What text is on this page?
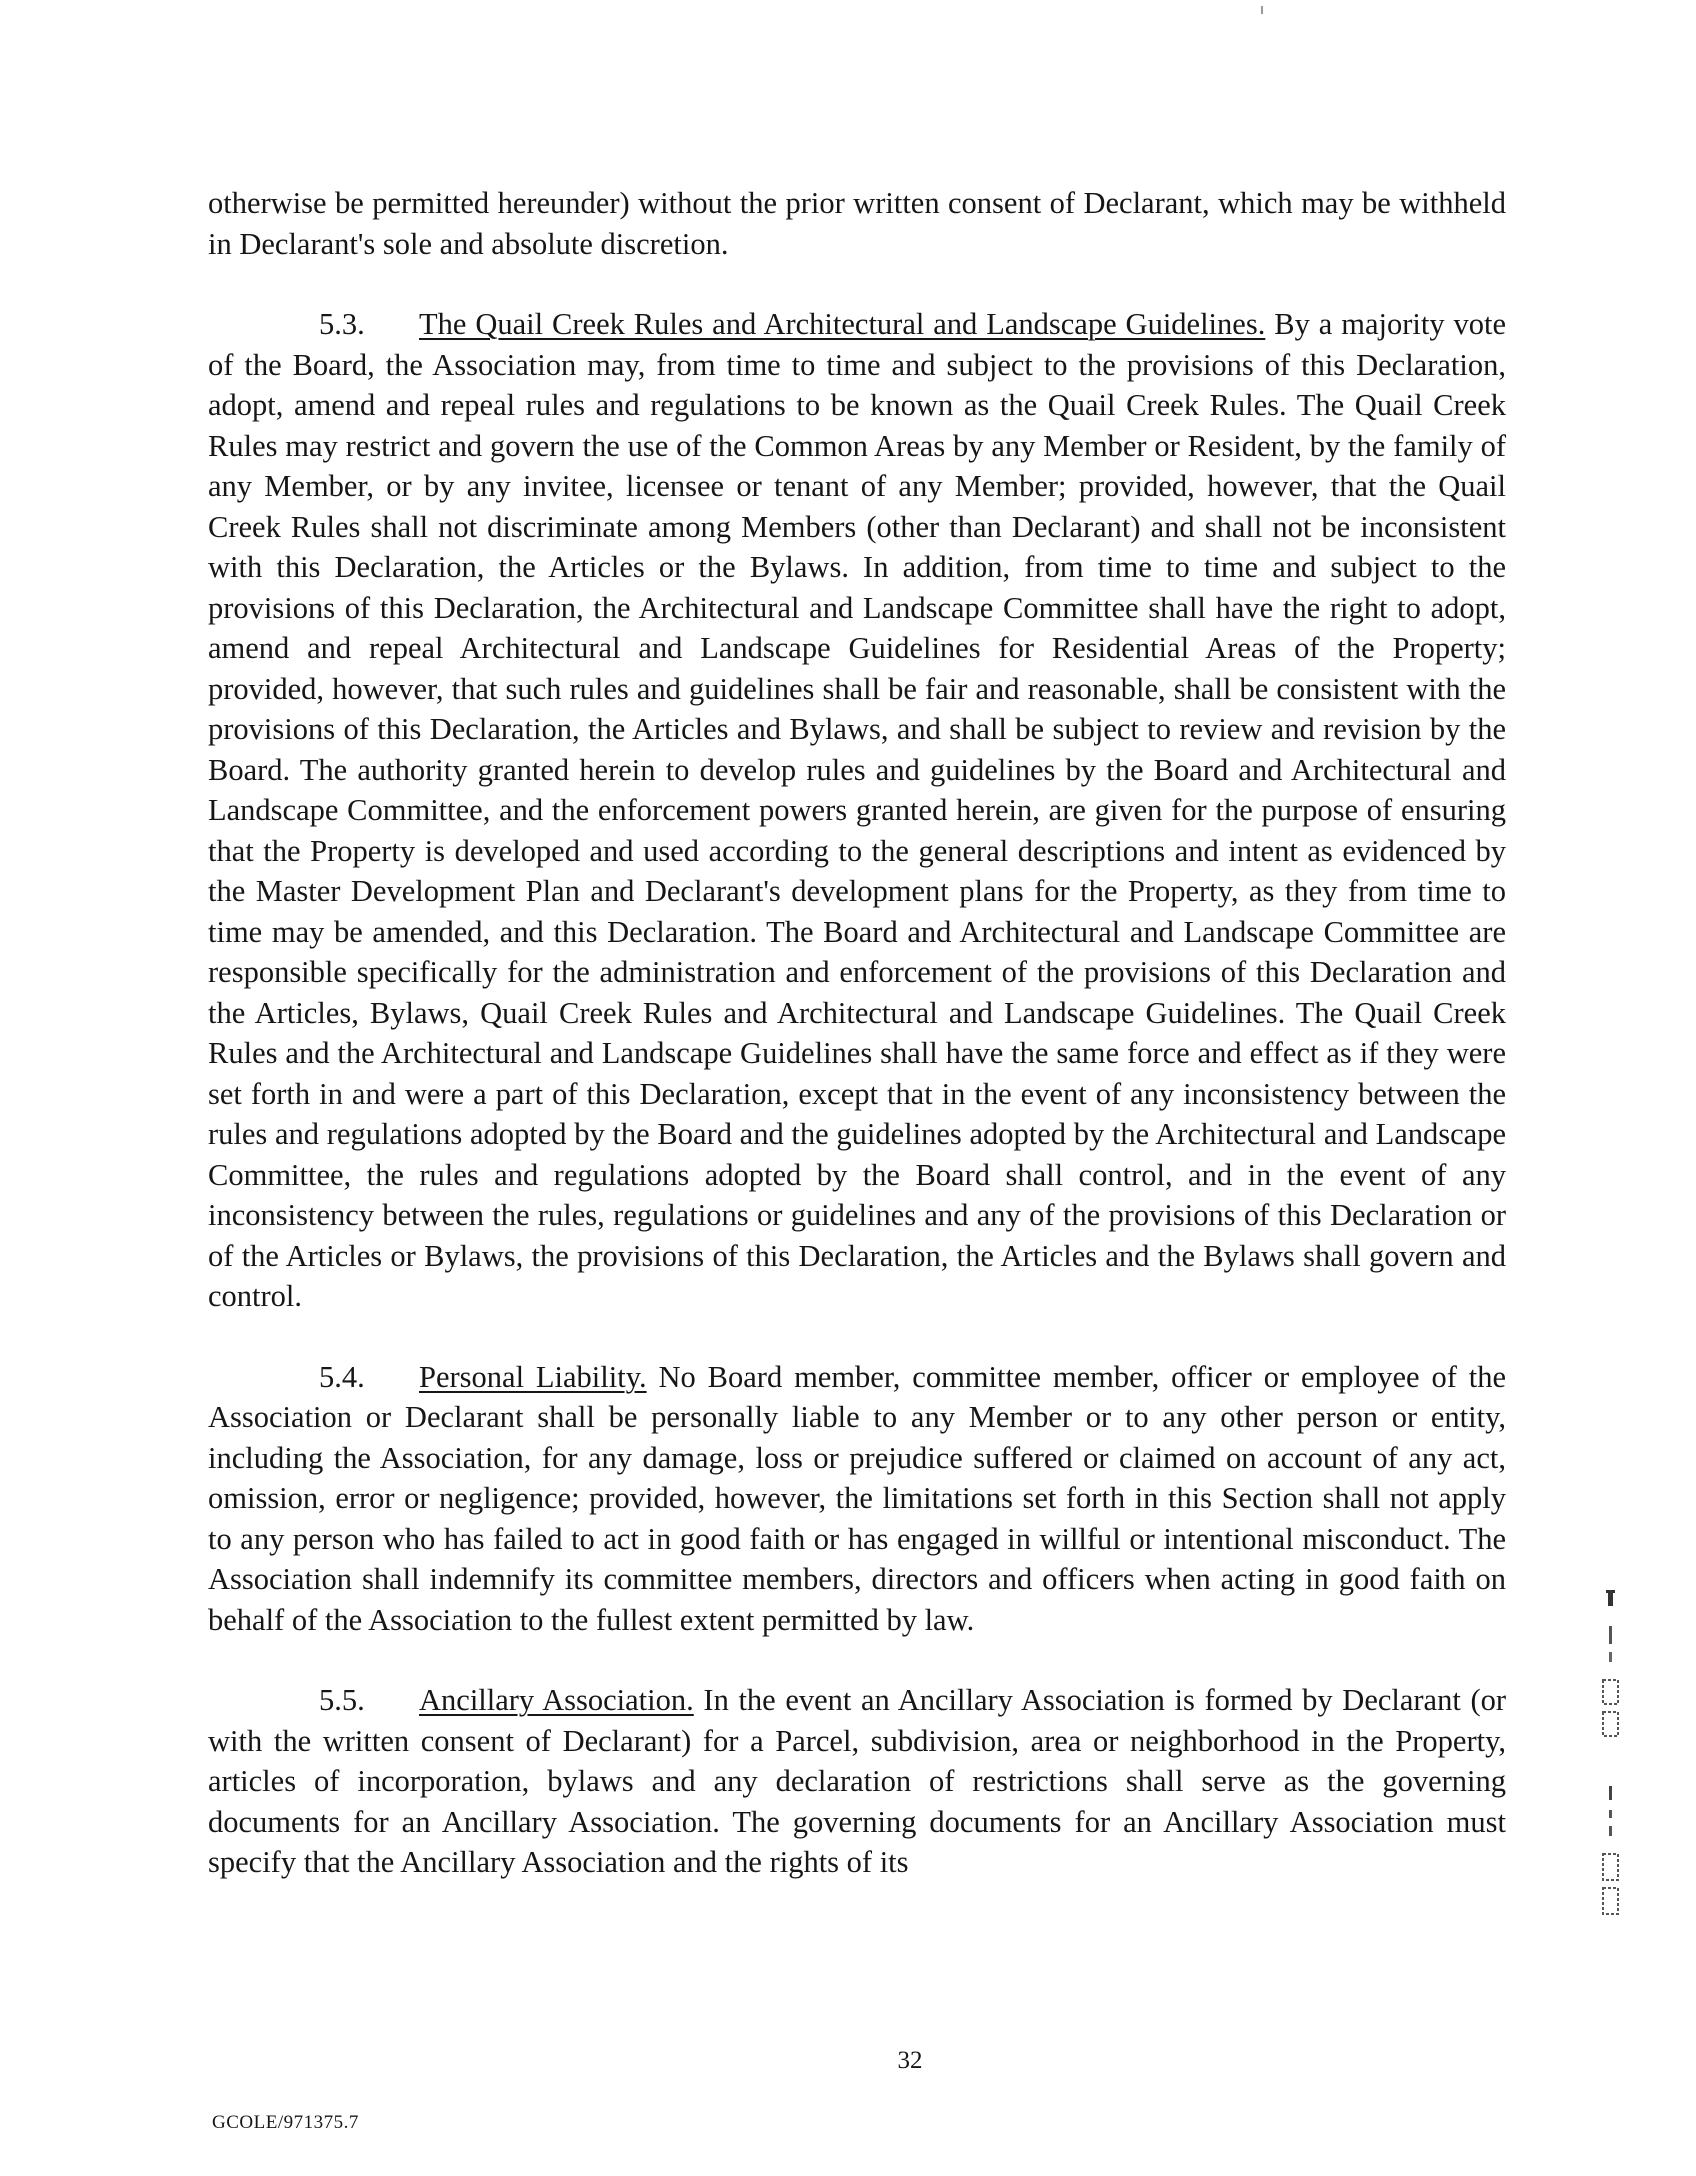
otherwise be permitted hereunder) without the prior written consent of Declarant, which may be withheld in Declarant's sole and absolute discretion.

5.3. The Quail Creek Rules and Architectural and Landscape Guidelines. By a majority vote of the Board, the Association may, from time to time and subject to the provisions of this Declaration, adopt, amend and repeal rules and regulations to be known as the Quail Creek Rules. The Quail Creek Rules may restrict and govern the use of the Common Areas by any Member or Resident, by the family of any Member, or by any invitee, licensee or tenant of any Member; provided, however, that the Quail Creek Rules shall not discriminate among Members (other than Declarant) and shall not be inconsistent with this Declaration, the Articles or the Bylaws. In addition, from time to time and subject to the provisions of this Declaration, the Architectural and Landscape Committee shall have the right to adopt, amend and repeal Architectural and Landscape Guidelines for Residential Areas of the Property; provided, however, that such rules and guidelines shall be fair and reasonable, shall be consistent with the provisions of this Declaration, the Articles and Bylaws, and shall be subject to review and revision by the Board. The authority granted herein to develop rules and guidelines by the Board and Architectural and Landscape Committee, and the enforcement powers granted herein, are given for the purpose of ensuring that the Property is developed and used according to the general descriptions and intent as evidenced by the Master Development Plan and Declarant's development plans for the Property, as they from time to time may be amended, and this Declaration. The Board and Architectural and Landscape Committee are responsible specifically for the administration and enforcement of the provisions of this Declaration and the Articles, Bylaws, Quail Creek Rules and Architectural and Landscape Guidelines. The Quail Creek Rules and the Architectural and Landscape Guidelines shall have the same force and effect as if they were set forth in and were a part of this Declaration, except that in the event of any inconsistency between the rules and regulations adopted by the Board and the guidelines adopted by the Architectural and Landscape Committee, the rules and regulations adopted by the Board shall control, and in the event of any inconsistency between the rules, regulations or guidelines and any of the provisions of this Declaration or of the Articles or Bylaws, the provisions of this Declaration, the Articles and the Bylaws shall govern and control.

5.4. Personal Liability. No Board member, committee member, officer or employee of the Association or Declarant shall be personally liable to any Member or to any other person or entity, including the Association, for any damage, loss or prejudice suffered or claimed on account of any act, omission, error or negligence; provided, however, the limitations set forth in this Section shall not apply to any person who has failed to act in good faith or has engaged in willful or intentional misconduct. The Association shall indemnify its committee members, directors and officers when acting in good faith on behalf of the Association to the fullest extent permitted by law.

5.5. Ancillary Association. In the event an Ancillary Association is formed by Declarant (or with the written consent of Declarant) for a Parcel, subdivision, area or neighborhood in the Property, articles of incorporation, bylaws and any declaration of restrictions shall serve as the governing documents for an Ancillary Association. The governing documents for an Ancillary Association must specify that the Ancillary Association and the rights of its

32
GCOLE/971375.7
